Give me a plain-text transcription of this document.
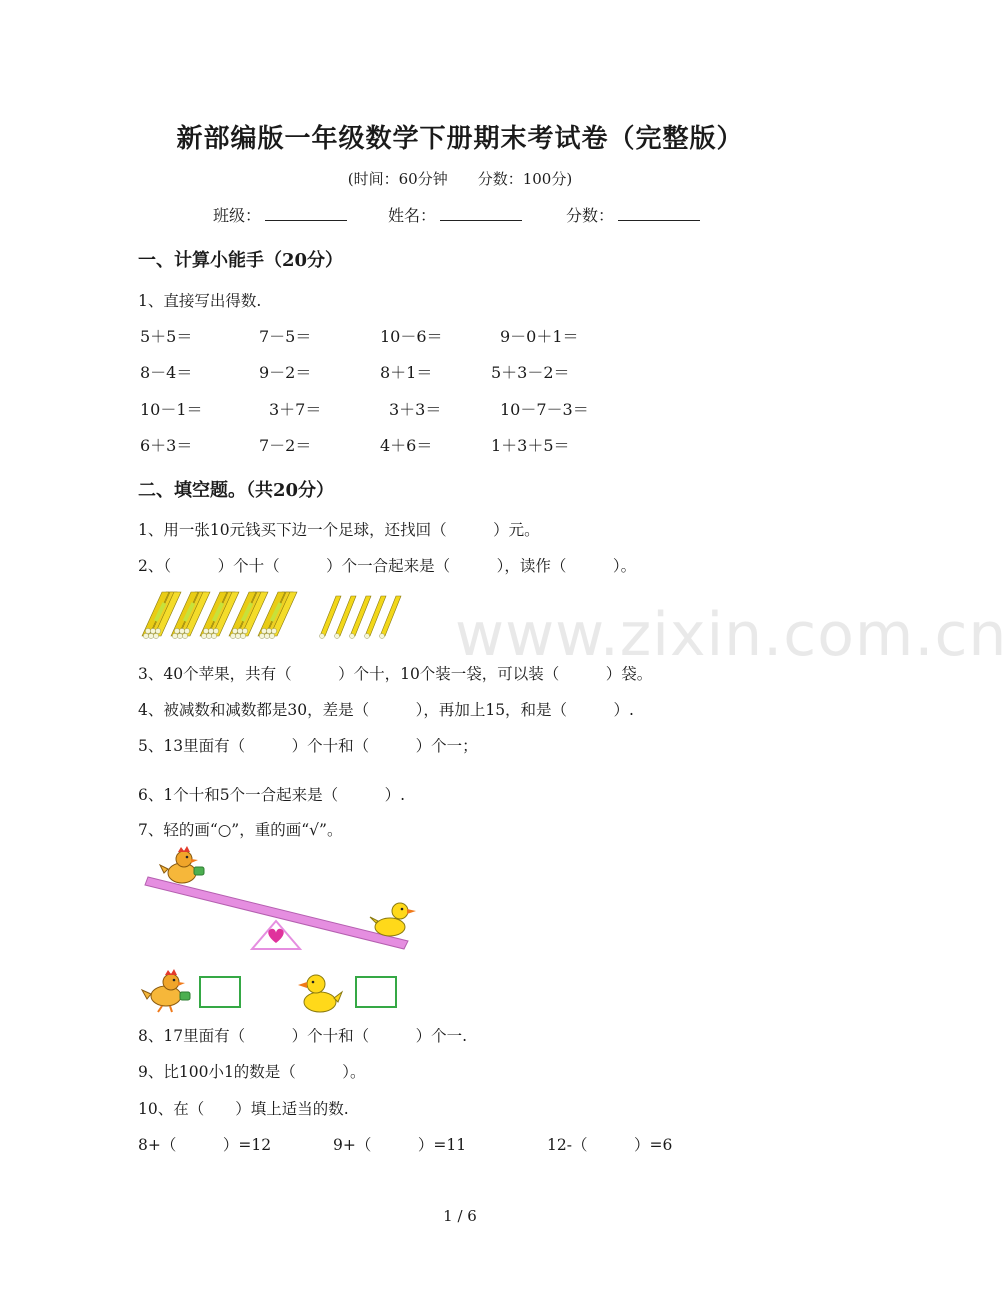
www.zixin.com.cn
新部编版一年级数学下册期末考试卷（完整版）
(时间：60分钟　　分数：100分)
班级：	姓名：	分数：
一、计算小能手（20分）
1、直接写出得数.
5＋5＝	7－5＝	10－6＝	9－0＋1＝
8－4＝	9－2＝	8＋1＝	5＋3－2＝
10－1＝	3＋7＝	3＋3＝	10－7－3＝
6＋3＝	7－2＝	4＋6＝	1＋3＋5＝
二、填空题。（共20分）
1、用一张10元钱买下边一个足球，还找回（　　　）元。
2、（　　　）个十（　　　）个一合起来是（　　　），读作（　　　）。
3、40个苹果，共有（　　　）个十，10个装一袋，可以装（　　　）袋。
4、被减数和减数都是30，差是（　　　），再加上15，和是（　　　）.
5、13里面有（　　　）个十和（　　　）个一；
6、1个十和5个一合起来是（　　　）.
7、轻的画“○”，重的画“√”。
8、17里面有（　　　）个十和（　　　）个一.
9、比100小1的数是（　　　）。
10、在（　　）填上适当的数.
8+（　　　）=12	9+（　　　）=11	12-（　　　）=6
1 / 6
